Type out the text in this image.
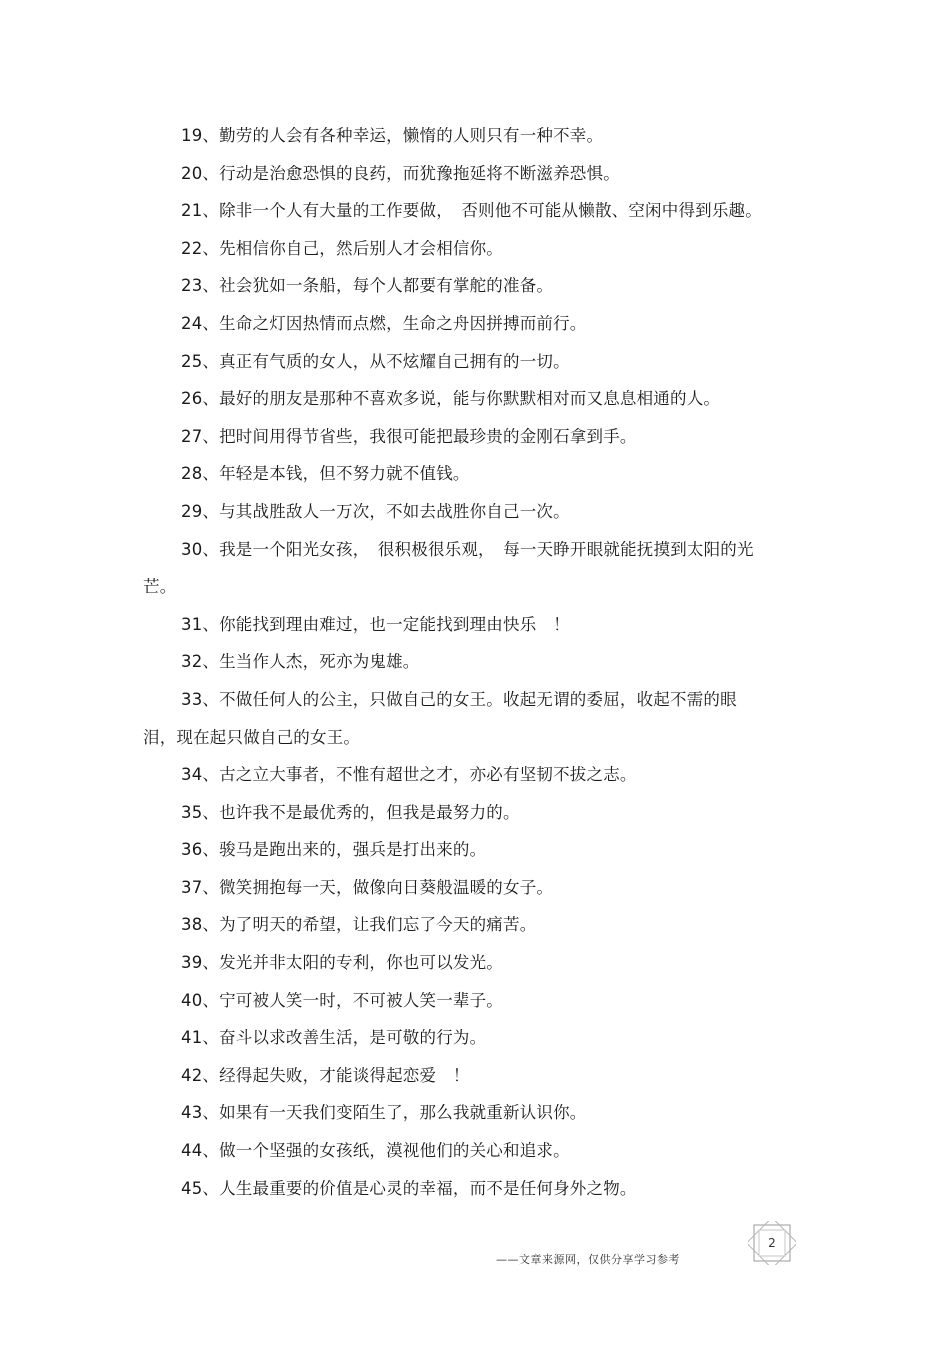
19、勤劳的人会有各种幸运，懒惰的人则只有一种不幸。
20、行动是治愈恐惧的良药，而犹豫拖延将不断滋养恐惧。
21、除非一个人有大量的工作要做，　否则他不可能从懒散、空闲中得到乐趣。
22、先相信你自己，然后别人才会相信你。
23、社会犹如一条船，每个人都要有掌舵的准备。
24、生命之灯因热情而点燃，生命之舟因拼搏而前行。
25、真正有气质的女人，从不炫耀自己拥有的一切。
26、最好的朋友是那种不喜欢多说，能与你默默相对而又息息相通的人。
27、把时间用得节省些，我很可能把最珍贵的金刚石拿到手。
28、年轻是本钱，但不努力就不值钱。
29、与其战胜敌人一万次，不如去战胜你自己一次。
30、我是一个阳光女孩，　很积极很乐观，　每一天睁开眼就能抚摸到太阳的光
芒。
31、你能找到理由难过，也一定能找到理由快乐　！
32、生当作人杰，死亦为鬼雄。
33、不做任何人的公主，只做自己的女王。收起无谓的委屈，收起不需的眼
泪，现在起只做自己的女王。
34、古之立大事者，不惟有超世之才，亦必有坚韧不拔之志。
35、也许我不是最优秀的，但我是最努力的。
36、骏马是跑出来的，强兵是打出来的。
37、微笑拥抱每一天，做像向日葵般温暖的女子。
38、为了明天的希望，让我们忘了今天的痛苦。
39、发光并非太阳的专利，你也可以发光。
40、宁可被人笑一时，不可被人笑一辈子。
41、奋斗以求改善生活，是可敬的行为。
42、经得起失败，才能谈得起恋爱　！
43、如果有一天我们变陌生了，那么我就重新认识你。
44、做一个坚强的女孩纸，漠视他们的关心和追求。
45、人生最重要的价值是心灵的幸福，而不是任何身外之物。
——文章来源网，仅供分享学习参考
2
